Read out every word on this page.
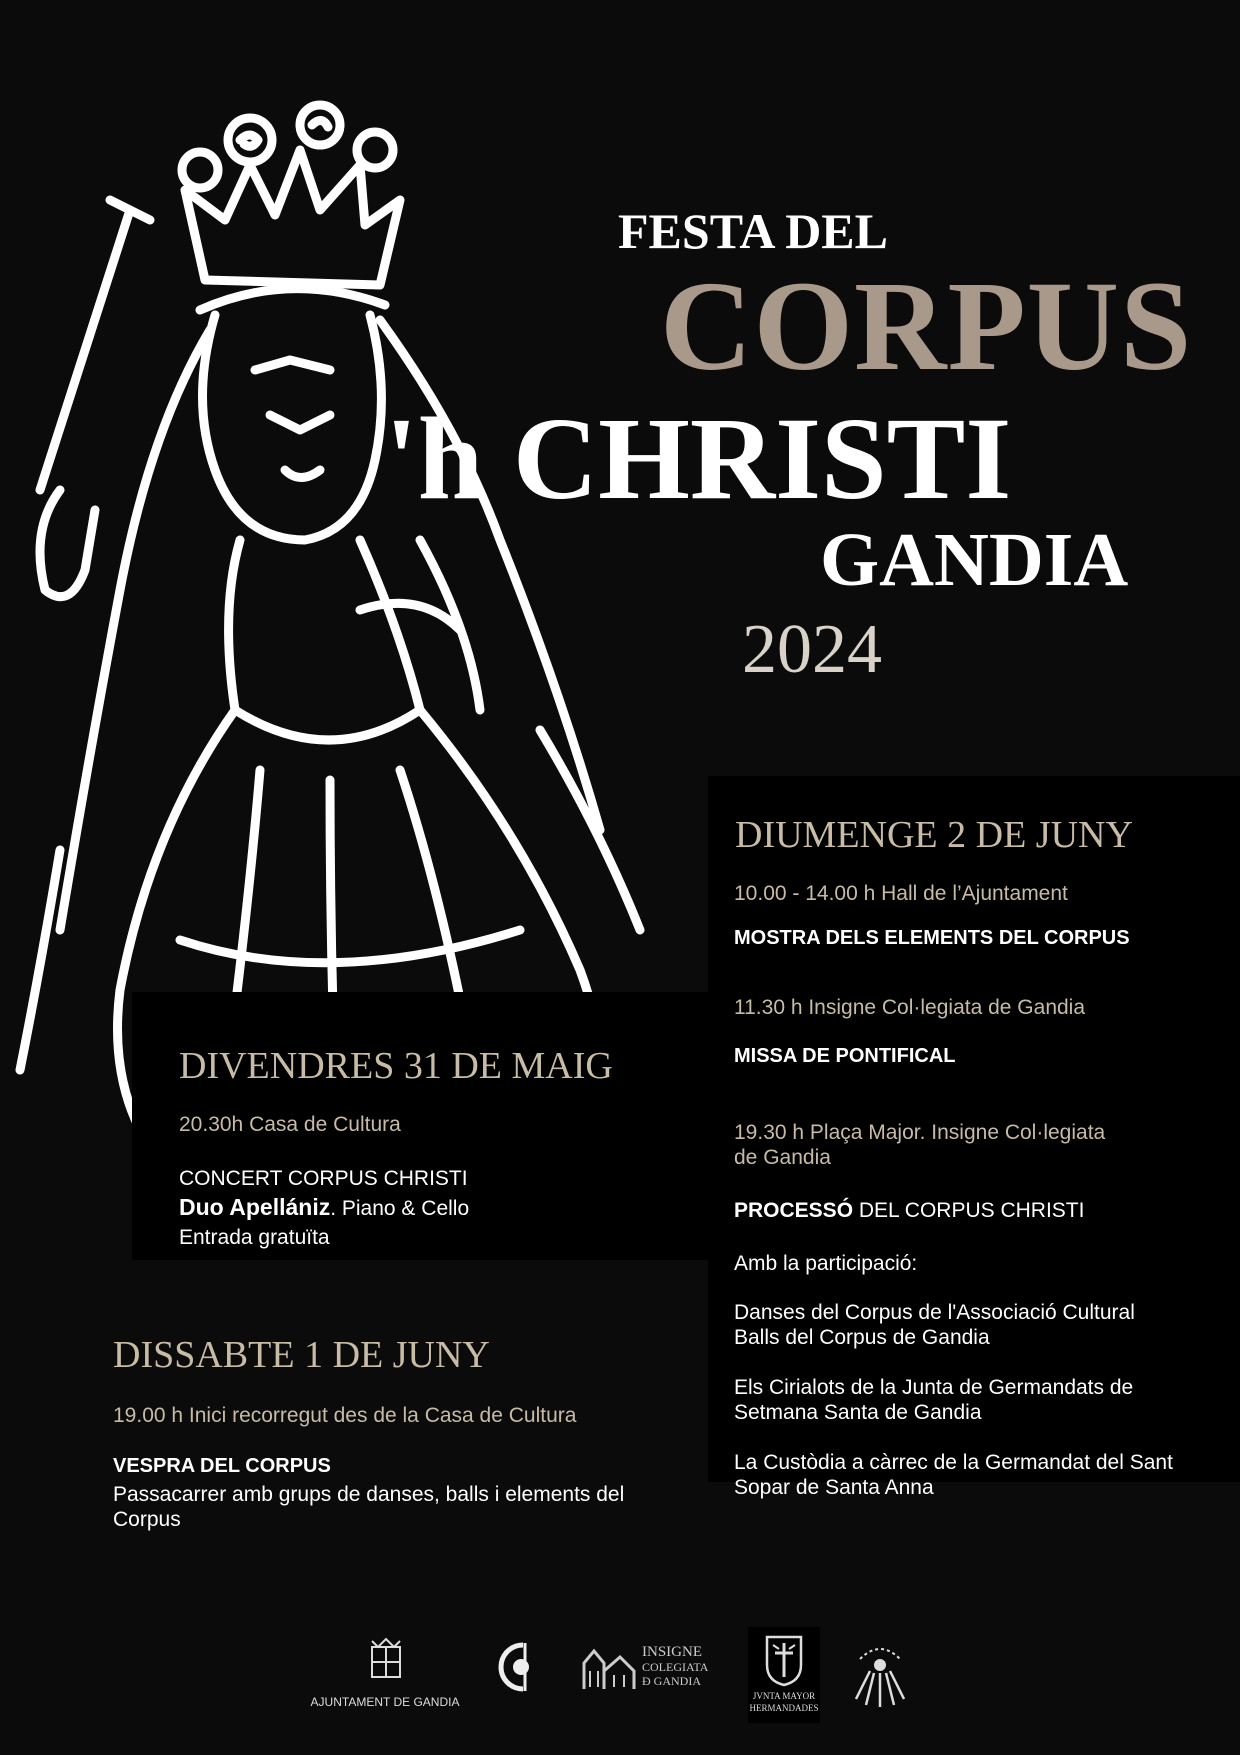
FESTA DEL
CORPUS
'h CHRISTI
GANDIA
2024
DIVENDRES 31 DE MAIG
20.30h Casa de Cultura
CONCERT CORPUS CHRISTI
Duo Apellániz. Piano & Cello
Entrada gratuïta
DISSABTE 1 DE JUNY
19.00 h Inici recorregut des de la Casa de Cultura
VESPRA DEL CORPUS
Passacarrer amb grups de danses, balls i elements del
Corpus
DIUMENGE 2 DE JUNY
10.00 - 14.00 h Hall de l’Ajuntament
MOSTRA DELS ELEMENTS DEL CORPUS
11.30 h Insigne Col·legiata de Gandia
MISSA DE PONTIFICAL
19.30 h Plaça Major. Insigne Col·legiata
de Gandia
PROCESSÓ DEL CORPUS CHRISTI
Amb la participació:
Danses del Corpus de l'Associació Cultural
Balls del Corpus de Gandia
Els Cirialots de la Junta de Germandats de
Setmana Santa de Gandia
La Custòdia a càrrec de la Germandat del Sant
Sopar de Santa Anna
AJUNTAMENT DE GANDIA
INSIGNE
COLEGIATA
Ð GANDIA
JVNTA MAYOR
HERMANDADES
